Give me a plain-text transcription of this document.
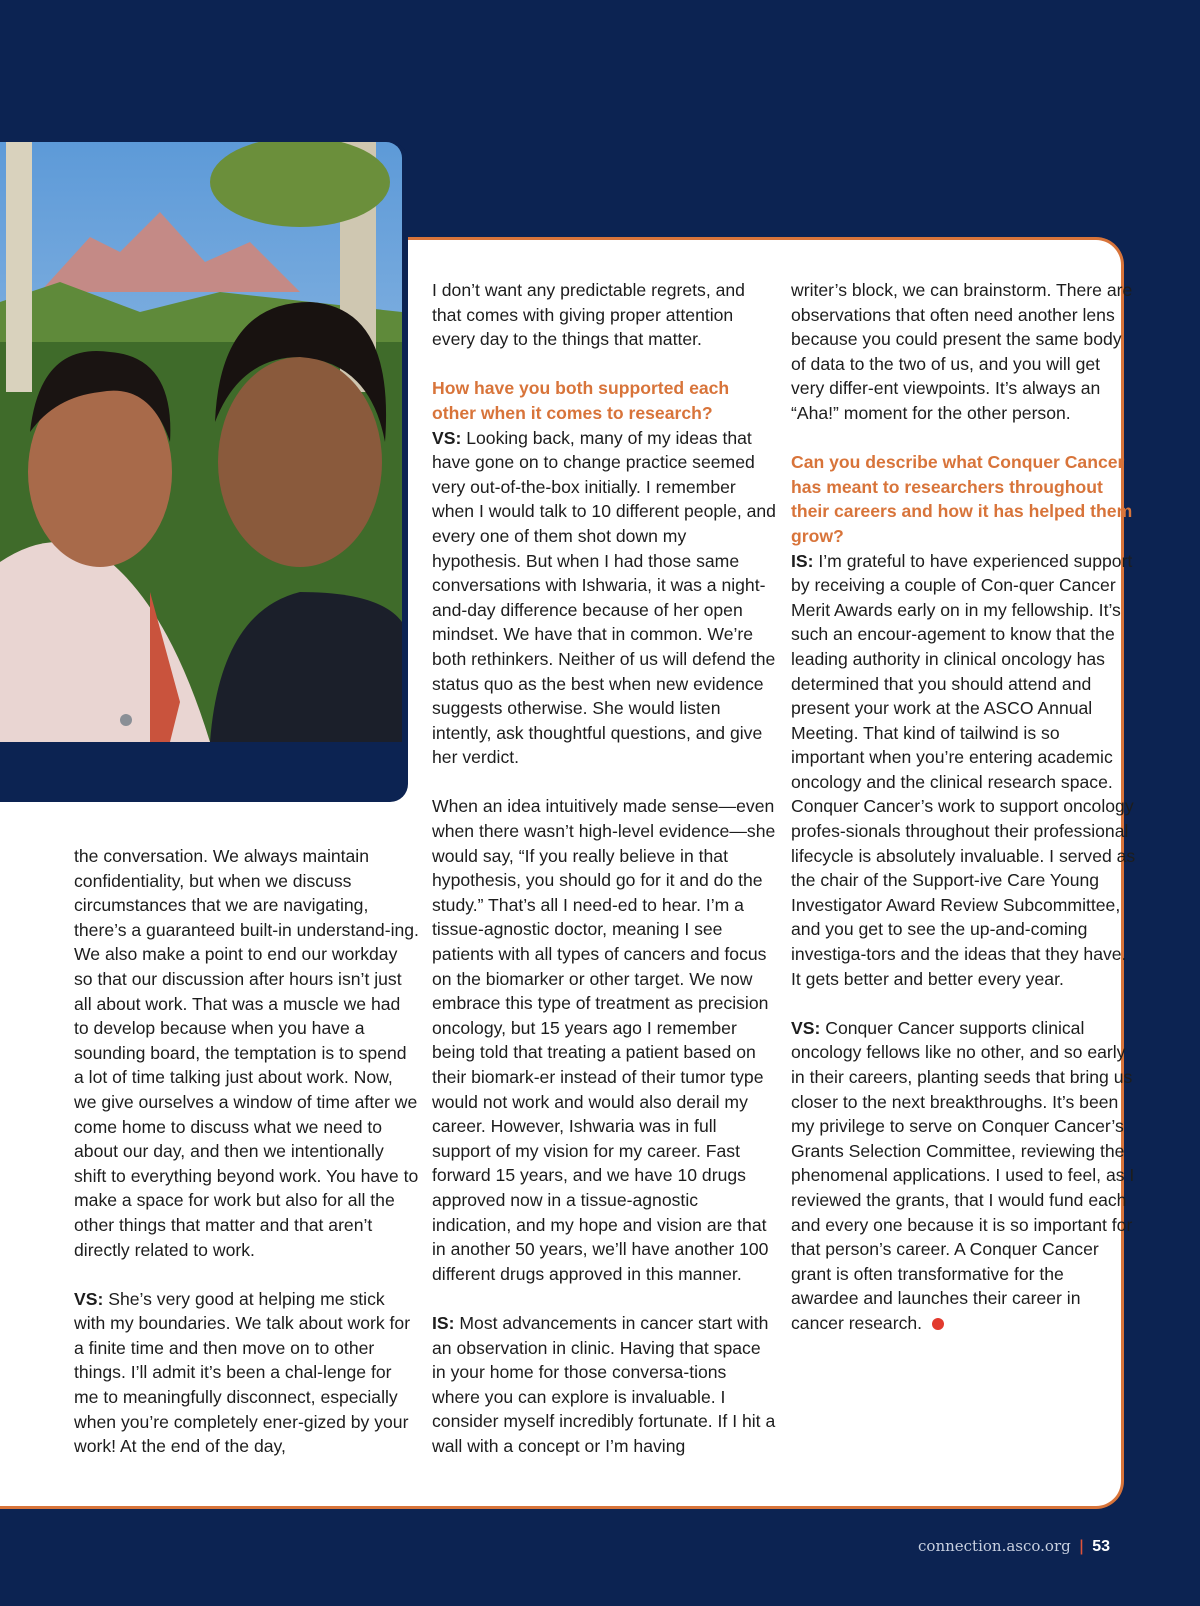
the conversation. We always maintain confidentiality, but when we discuss circumstances that we are navigating, there’s a guaranteed built-in understand-ing. We also make a point to end our workday so that our discussion after hours isn’t just all about work. That was a muscle we had to develop because when you have a sounding board, the temptation is to spend a lot of time talking just about work. Now, we give ourselves a window of time after we come home to discuss what we need to about our day, and then we intentionally shift to everything beyond work. You have to make a space for work but also for all the other things that matter and that aren’t directly related to work.

VS: She’s very good at helping me stick with my boundaries. We talk about work for a finite time and then move on to other things. I’ll admit it’s been a chal-lenge for me to meaningfully disconnect, especially when you’re completely ener-gized by your work! At the end of the day,

I don’t want any predictable regrets, and that comes with giving proper attention every day to the things that matter.

How have you both supported each other when it comes to research?

VS: Looking back, many of my ideas that have gone on to change practice seemed very out-of-the-box initially. I remember when I would talk to 10 different people, and every one of them shot down my hypothesis. But when I had those same conversations with Ishwaria, it was a night-and-day difference because of her open mindset. We have that in common. We’re both rethinkers. Neither of us will defend the status quo as the best when new evidence suggests otherwise. She would listen intently, ask thoughtful questions, and give her verdict.

When an idea intuitively made sense—even when there wasn’t high-level evidence—she would say, “If you really believe in that hypothesis, you should go for it and do the study.” That’s all I need-ed to hear. I’m a tissue-agnostic doctor, meaning I see patients with all types of cancers and focus on the biomarker or other target. We now embrace this type of treatment as precision oncology, but 15 years ago I remember being told that treating a patient based on their biomark-er instead of their tumor type would not work and would also derail my career. However, Ishwaria was in full support of my vision for my career. Fast forward 15 years, and we have 10 drugs approved now in a tissue-agnostic indication, and my hope and vision are that in another 50 years, we’ll have another 100 different drugs approved in this manner.

IS: Most advancements in cancer start with an observation in clinic. Having that space in your home for those conversa-tions where you can explore is invaluable. I consider myself incredibly fortunate. If I hit a wall with a concept or I’m having

writer’s block, we can brainstorm. There are observations that often need another lens because you could present the same body of data to the two of us, and you will get very differ-ent viewpoints. It’s always an “Aha!” moment for the other person.

Can you describe what Conquer Cancer has meant to researchers throughout their careers and how it has helped them grow?

IS: I’m grateful to have experienced support by receiving a couple of Con-quer Cancer Merit Awards early on in my fellowship. It’s such an encour-agement to know that the leading authority in clinical oncology has determined that you should attend and present your work at the ASCO Annual Meeting. That kind of tailwind is so important when you’re entering academic oncology and the clinical research space. Conquer Cancer’s work to support oncology profes-sionals throughout their professional lifecycle is absolutely invaluable. I served as the chair of the Support-ive Care Young Investigator Award Review Subcommittee, and you get to see the up-and-coming investiga-tors and the ideas that they have. It gets better and better every year.

VS: Conquer Cancer supports clinical oncology fellows like no other, and so early in their careers, planting seeds that bring us closer to the next breakthroughs. It’s been my privilege to serve on Conquer Cancer’s Grants Selection Committee, reviewing the phenomenal applications. I used to feel, as I reviewed the grants, that I would fund each and every one because it is so important for that person’s career. A Conquer Cancer grant is often transformative for the awardee and launches their career in cancer research.

connection.asco.org | 53
